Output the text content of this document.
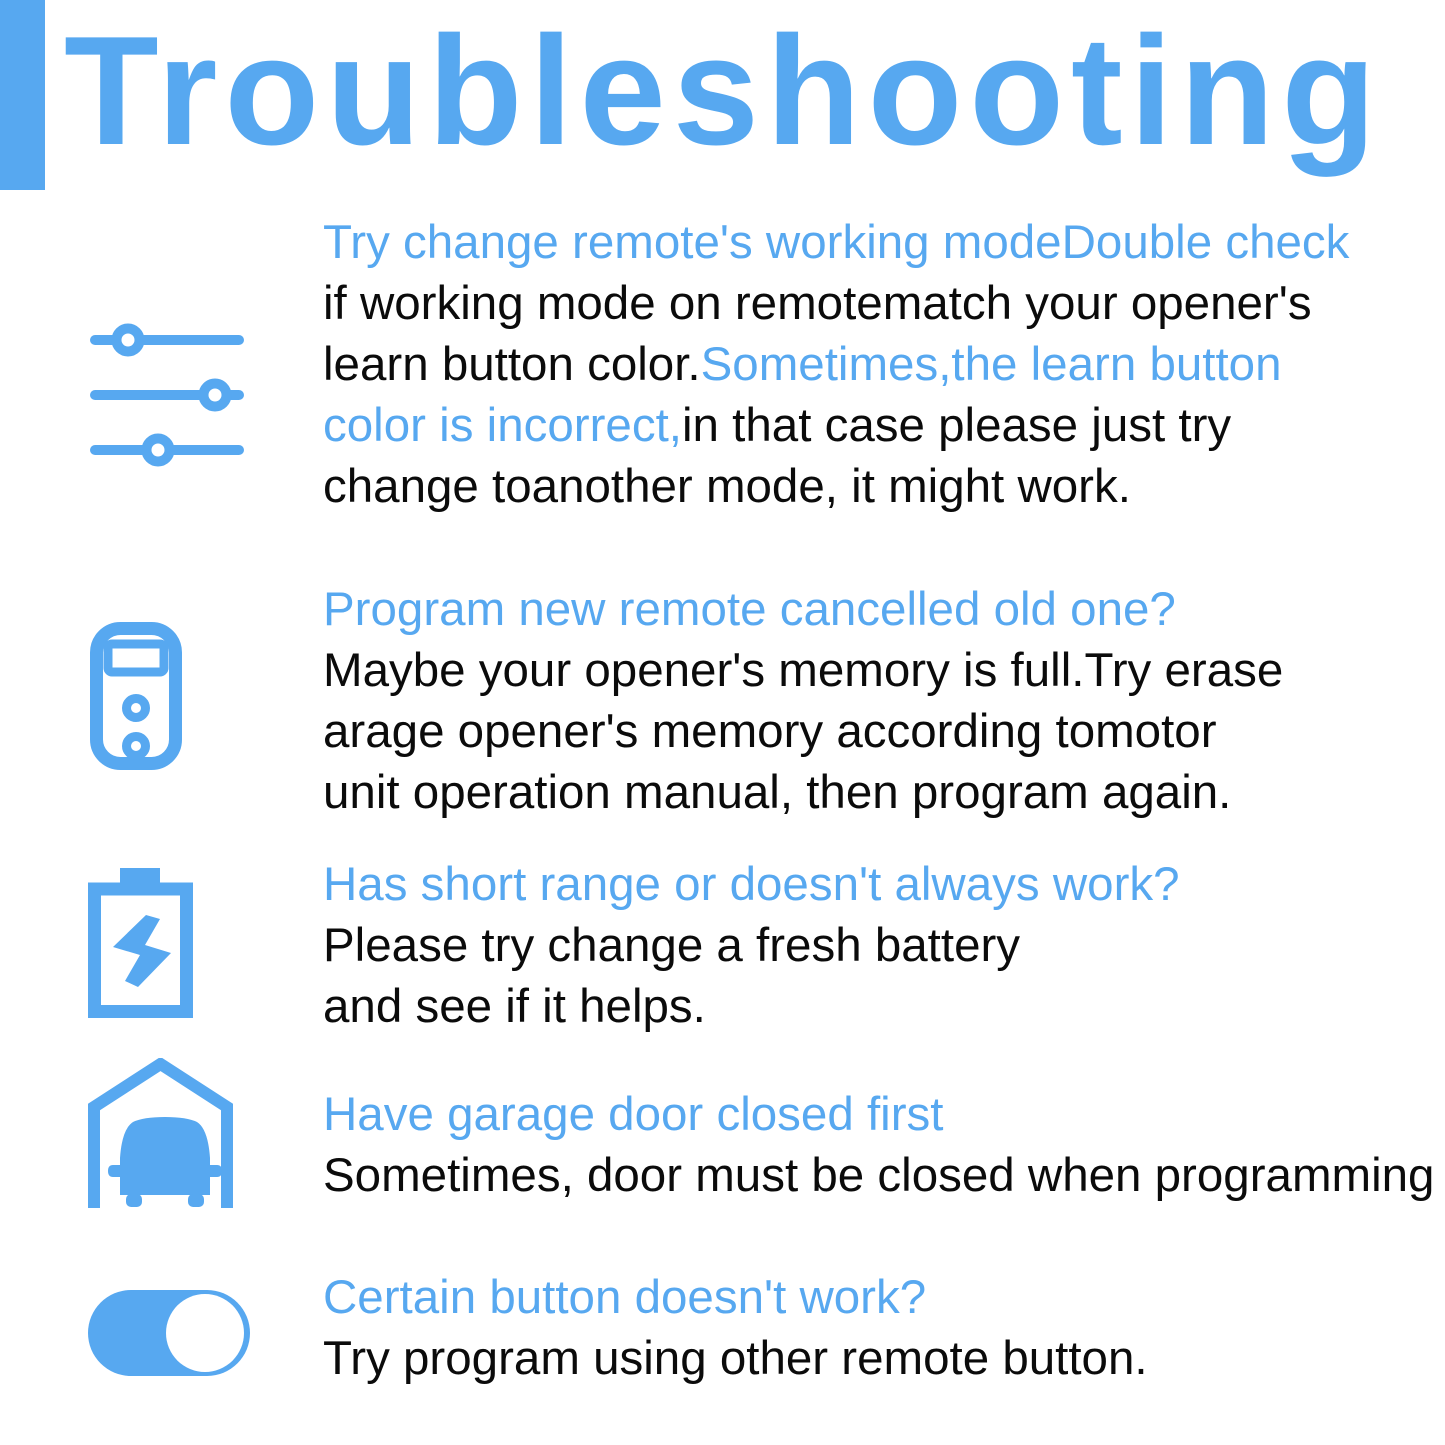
Troubleshooting
Try change remote's working modeDouble check
if working mode on remotematch your opener's
learn button color.Sometimes,the learn button
color is incorrect,in that case please just try
change toanother mode, it might work.
Program new remote cancelled old one?
Maybe your opener's memory is full.Try erase
arage opener's memory according tomotor
unit operation manual, then program again.
Has short range or doesn't always work?
Please try change a fresh battery
and see if it helps.
Have garage door closed first
Sometimes, door must be closed when programming
Certain button doesn't work?
Try program using other remote button.
